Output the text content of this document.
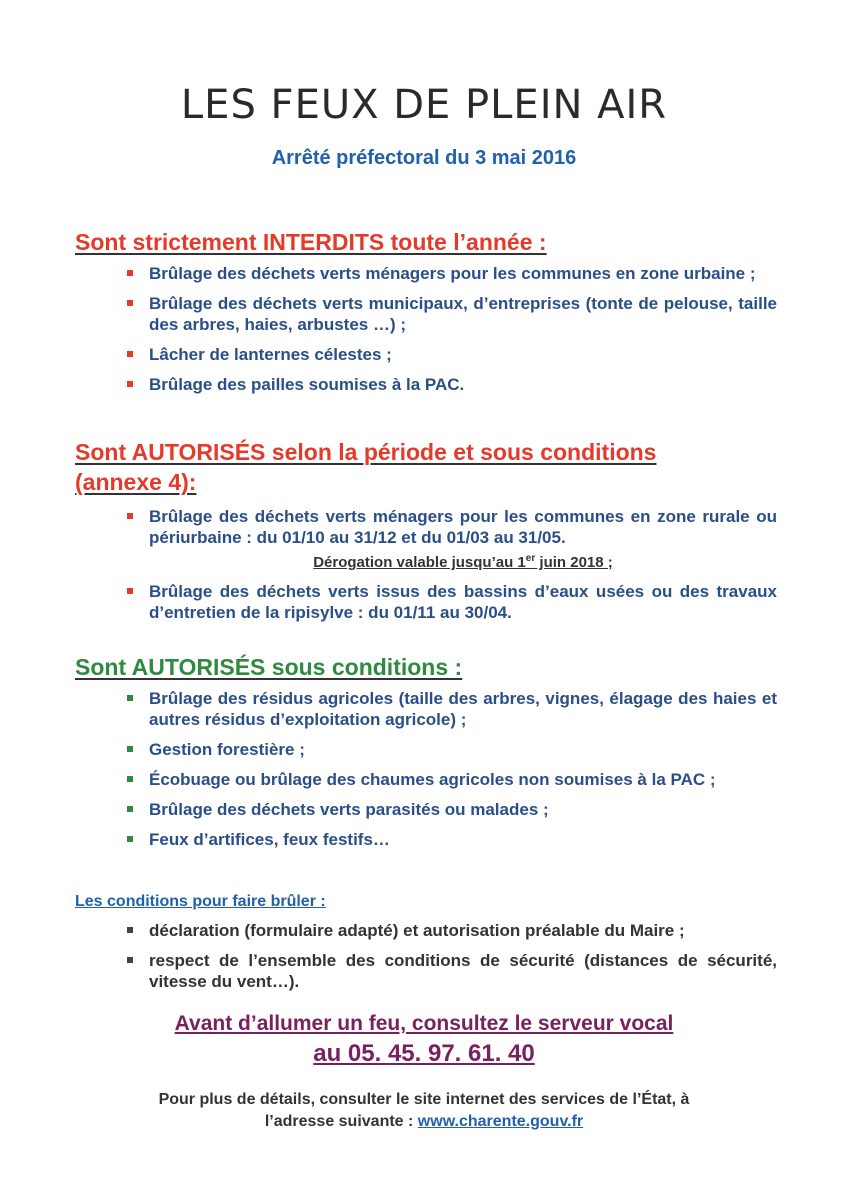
LES FEUX DE PLEIN AIR
Arrêté préfectoral du 3 mai 2016
Sont strictement INTERDITS toute l’année :
Brûlage des déchets verts ménagers pour les communes en zone urbaine ;
Brûlage des déchets verts municipaux, d’entreprises (tonte de pelouse, taille des arbres, haies, arbustes …) ;
Lâcher de lanternes célestes ;
Brûlage des pailles soumises à la PAC.
Sont AUTORISÉS selon la période et sous conditions
(annexe 4):
Brûlage des déchets verts ménagers pour les communes en zone rurale ou périurbaine : du 01/10 au 31/12 et du 01/03 au 31/05.
Dérogation valable jusqu’au 1er juin 2018 ;
Brûlage des déchets verts issus des bassins d’eaux usées ou des travaux d’entretien de la ripisylve : du 01/11 au 30/04.
Sont AUTORISÉS sous conditions :
Brûlage des résidus agricoles (taille des arbres, vignes, élagage des haies et autres résidus d’exploitation agricole) ;
Gestion forestière ;
Écobuage ou brûlage des chaumes agricoles non soumises à la PAC ;
Brûlage des déchets verts parasités ou malades ;
Feux d’artifices, feux festifs…
Les conditions pour faire brûler :
déclaration (formulaire adapté) et autorisation préalable du Maire ;
respect de l’ensemble des conditions de sécurité (distances de sécurité, vitesse du vent…).
Avant d’allumer un feu, consultez le serveur vocal
au 05. 45. 97. 61. 40
Pour plus de détails, consulter le site internet des services de l’État, à
l’adresse suivante : www.charente.gouv.fr
